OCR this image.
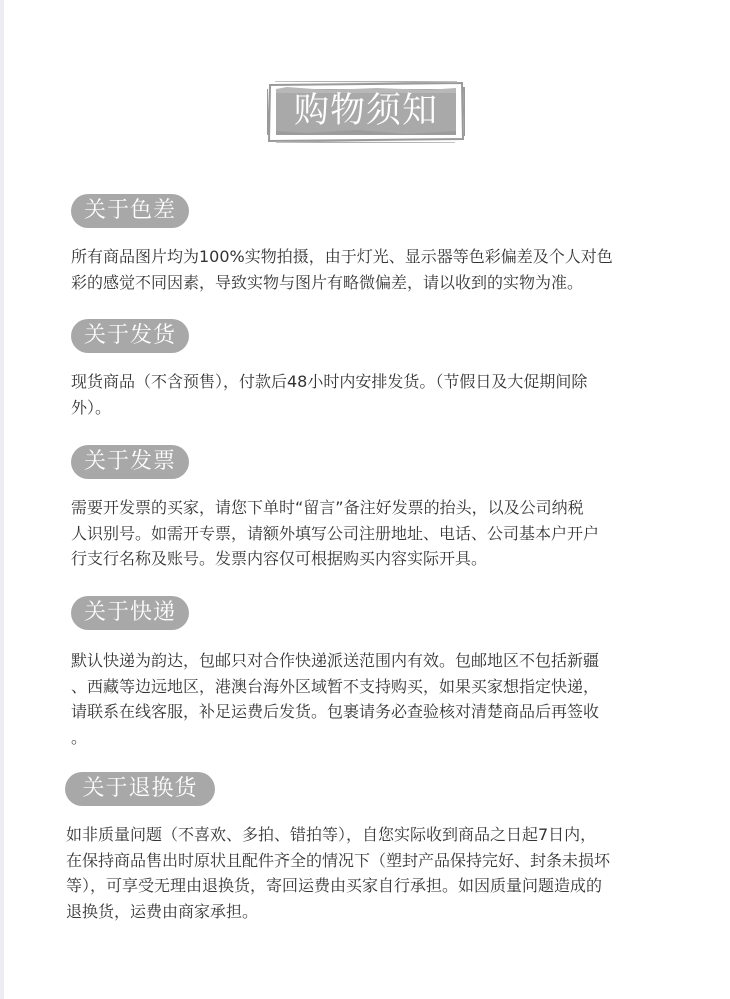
购物须知
关于色差
所有商品图片均为100%实物拍摄，由于灯光、显示器等色彩偏差及个人对色
彩的感觉不同因素，导致实物与图片有略微偏差，请以收到的实物为准。
关于发货
现货商品（不含预售），付款后48小时内安排发货。（节假日及大促期间除
外）。
关于发票
需要开发票的买家，请您下单时“留言”备注好发票的抬头，以及公司纳税
人识别号。如需开专票，请额外填写公司注册地址、电话、公司基本户开户
行支行名称及账号。发票内容仅可根据购买内容实际开具。
关于快递
默认快递为韵达，包邮只对合作快递派送范围内有效。包邮地区不包括新疆
、西藏等边远地区，港澳台海外区域暂不支持购买，如果买家想指定快递，
请联系在线客服，补足运费后发货。包裹请务必查验核对清楚商品后再签收
。
关于退换货
如非质量问题（不喜欢、多拍、错拍等），自您实际收到商品之日起7日内，
在保持商品售出时原状且配件齐全的情况下（塑封产品保持完好、封条未损坏
等），可享受无理由退换货，寄回运费由买家自行承担。如因质量问题造成的
退换货，运费由商家承担。
